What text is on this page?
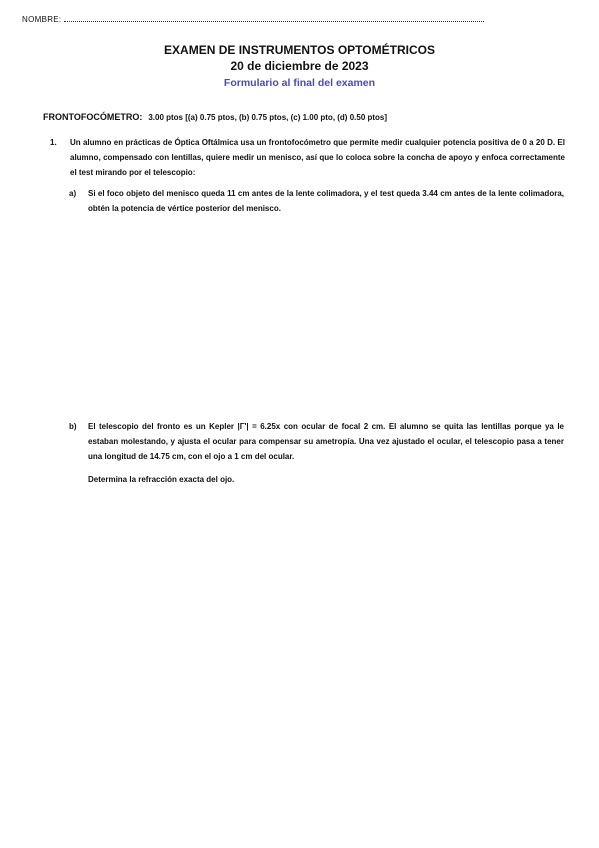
NOMBRE:
EXAMEN DE INSTRUMENTOS OPTOMÉTRICOS
20 de diciembre de 2023
Formulario al final del examen
FRONTOFOCÓMETRO: 3.00 ptos [(a) 0.75 ptos, (b) 0.75 ptos, (c) 1.00 pto, (d) 0.50 ptos]
1. Un alumno en prácticas de Óptica Oftálmica usa un frontofocómetro que permite medir cualquier potencia positiva de 0 a 20 D. El alumno, compensado con lentillas, quiere medir un menisco, así que lo coloca sobre la concha de apoyo y enfoca correctamente el test mirando por el telescopio:
a) Si el foco objeto del menisco queda 11 cm antes de la lente colimadora, y el test queda 3.44 cm antes de la lente colimadora, obtén la potencia de vértice posterior del menisco.
b) El telescopio del fronto es un Kepler |Γ'| = 6.25x con ocular de focal 2 cm. El alumno se quita las lentillas porque ya le estaban molestando, y ajusta el ocular para compensar su ametropía. Una vez ajustado el ocular, el telescopio pasa a tener una longitud de 14.75 cm, con el ojo a 1 cm del ocular.
Determina la refracción exacta del ojo.
